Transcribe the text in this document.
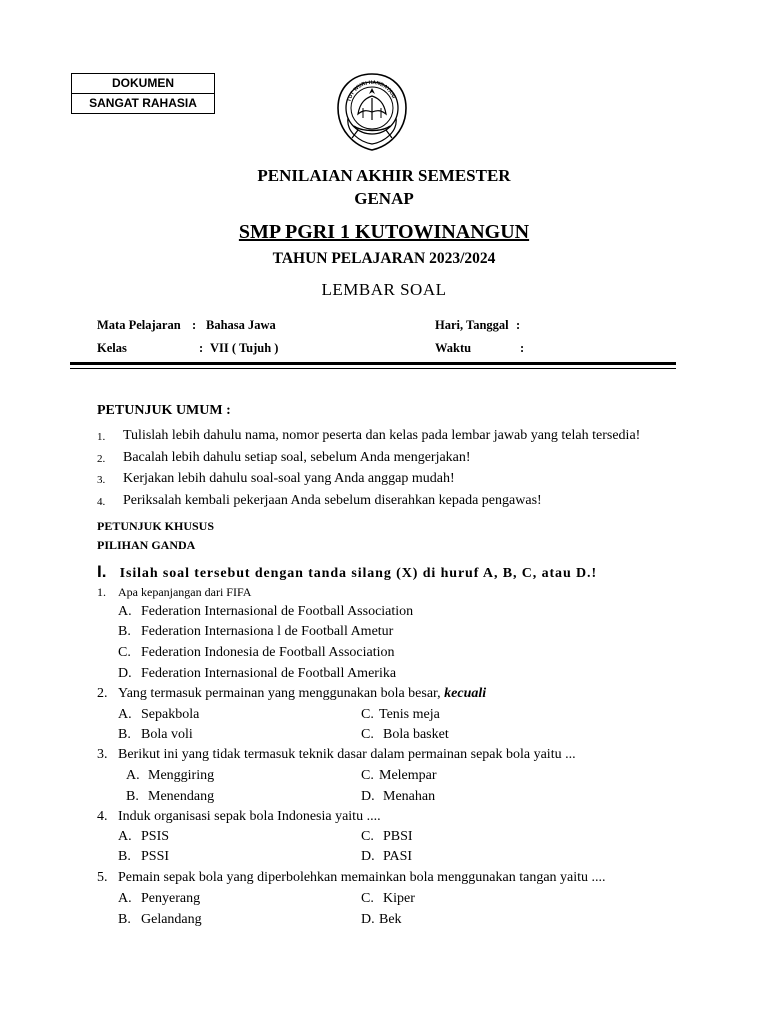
DOKUMEN
SANGAT RAHASIA	TUT WURI HANDAYANI
PENILAIAN AKHIR SEMESTER
GENAP
SMP PGRI 1 KUTOWINANGUN
TAHUN PELAJARAN 2023/2024
LEMBAR SOAL
Mata Pelajaran : Bahasa Jawa	Hari, Tanggal :
Kelas	: VII ( Tujuh )	Waktu	:
PETUNJUK UMUM :
1. Tulislah lebih dahulu nama, nomor peserta dan kelas pada lembar jawab yang telah tersedia!
2. Bacalah lebih dahulu setiap soal, sebelum Anda mengerjakan!
3. Kerjakan lebih dahulu soal-soal yang Anda anggap mudah!
4. Periksalah kembali pekerjaan Anda sebelum diserahkan kepada pengawas!
PETUNJUK KHUSUS
PILIHAN GANDA
I. Isilah soal tersebut dengan tanda silang (X) di huruf A, B, C, atau D.!
1. Apa kepanjangan dari FIFA
A. Federation Internasional de Football Association
B. Federation Internasiona l de Football Ametur
C. Federation Indonesia de Football Association
D. Federation Internasional de Football Amerika
2. Yang termasuk permainan yang menggunakan bola besar, kecuali
A. Sepakbola	C. Tenis meja
B. Bola voli	C. Bola basket
3. Berikut ini yang tidak termasuk teknik dasar dalam permainan sepak bola yaitu ...
A. Menggiring	C. Melempar
B. Menendang	D. Menahan
4. Induk organisasi sepak bola Indonesia yaitu ....
A. PSIS	C. PBSI
B. PSSI	D. PASI
5. Pemain sepak bola yang diperbolehkan memainkan bola menggunakan tangan yaitu ....
A. Penyerang	C. Kiper
B. Gelandang	D. Bek
